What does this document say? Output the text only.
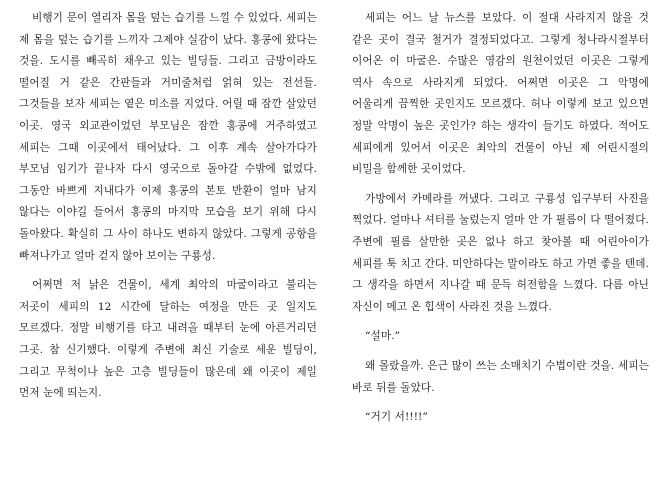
비행기 문이 열리자 몸을 덮는 습기를 느낄 수 있었다. 세피는 제 몸을 덮는 습기를 느끼자 그제야 실감이 났다. 홍콩에 왔다는 것을. 도시를 빼곡히 채우고 있는 빌딩들. 그리고 금방이라도 떨어질 거 같은 간판들과 거미줄처럼 얽혀 있는 전선들. 그것들을 보자 세피는 옅은 미소를 지었다. 어릴 때 잠깐 살았던 이곳. 영국 외교관이었던 부모님은 잠깐 홍콩에 거주하였고 세피는 그때 이곳에서 태어났다. 그 이후 계속 살아가다가 부모님 임기가 끝나자 다시 영국으로 돌아갈 수밖에 없었다. 그동안 바쁘게 지내다가 이제 홍콩의 본토 반환이 얼마 남지 않다는 이야길 들어서 홍콩의 마지막 모습을 보기 위해 다시 돌아왔다. 확실히 그 사이 하나도 변하지 않았다. 그렇게 공항을 빠져나가고 얼마 걷지 않아 보이는 구룡성.

어쩌면 저 낡은 건물이, 세계 최악의 마굴이라고 불리는 저곳이 세피의 12 시간에 달하는 여정을 만든 곳 일지도 모르겠다. 정말 비행기를 타고 내려올 때부터 눈에 아른거리던 그곳. 참 신기했다. 이렇게 주변에 최신 기술로 세운 빌딩이, 그리고 무척이나 높은 고층 빌딩들이 많은데 왜 이곳이 제일 먼저 눈에 띄는지.

세피는 어느 날 뉴스를 보았다. 이 절대 사라지지 않을 것 같은 곳이 결국 철거가 결정되었다고. 그렇게 청나라시절부터 이어온 이 마굴은. 수많은 영감의 원천이었던 이곳은 그렇게 역사 속으로 사라지게 되었다. 어쩌면 이곳은 그 악명에 어울리게 끔찍한 곳인지도 모르겠다. 허나 이렇게 보고 있으면 정말 악명이 높은 곳인가? 하는 생각이 들기도 하였다. 적어도 세피에게 있어서 이곳은 최악의 건물이 아닌 제 어린시절의 비밀을 함께한 곳이었다.

가방에서 카메라를 꺼냈다. 그리고 구룡성 입구부터 사진을 찍었다. 얼마나 셔터를 눌렀는지 얼마 안 가 필름이 다 떨어졌다. 주변에 필름 살만한 곳은 없나 하고 찾아볼 때 어린아이가 세피를 툭 치고 간다. 미안하다는 말이라도 하고 가면 좋을 텐데. 그 생각을 하면서 지나갈 때 문득 허전함을 느꼈다. 다름 아닌 자신이 메고 온 힙색이 사라진 것을 느꼈다.

“설마.”

왜 몰랐을까. 은근 많이 쓰는 소매치기 수법이란 것을. 세피는 바로 뒤를 돌았다.

“거기 서!!!!”
